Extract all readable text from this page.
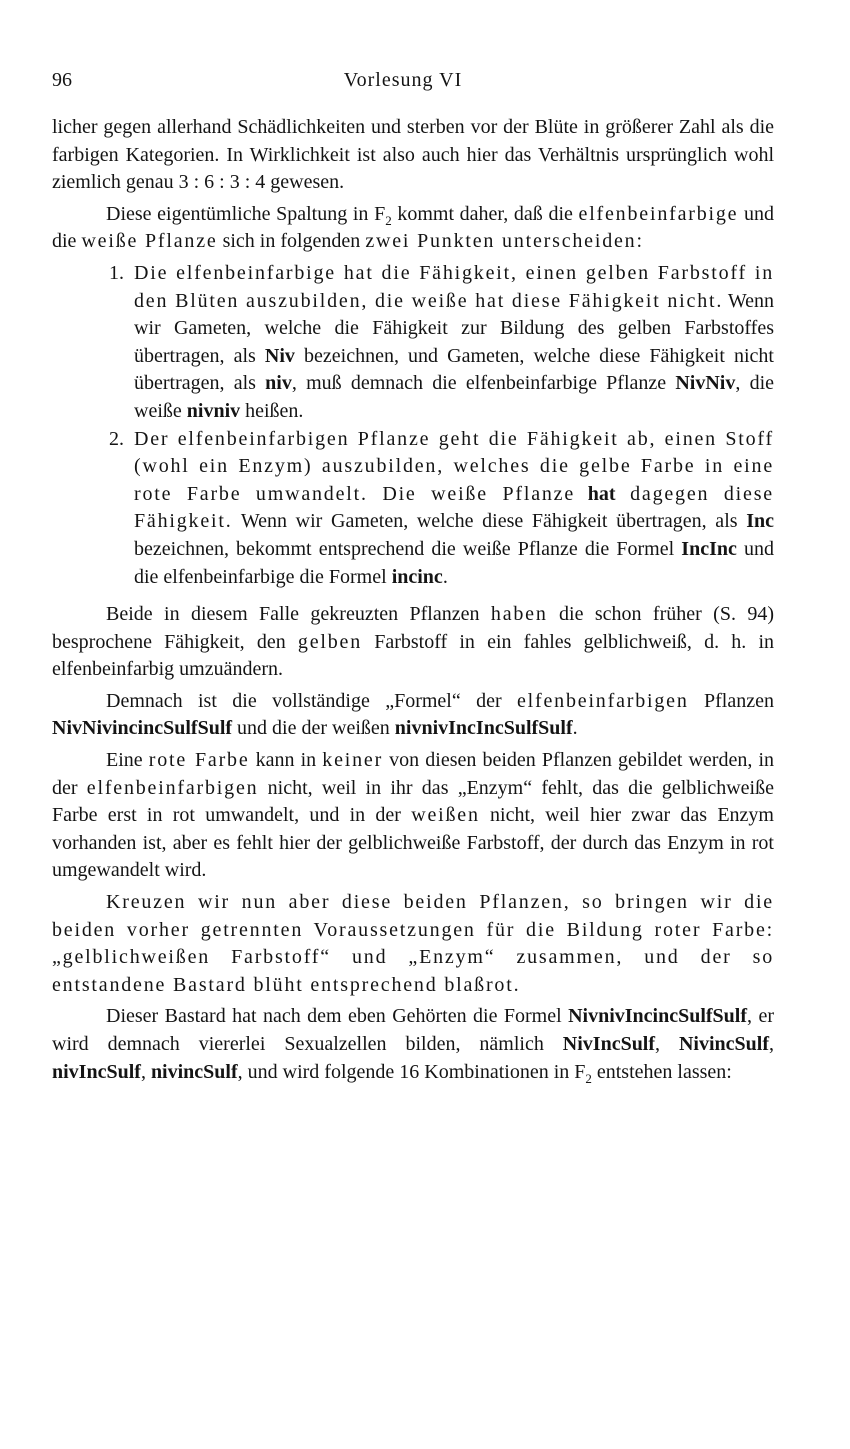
96	Vorlesung VI

licher gegen allerhand Schädlichkeiten und sterben vor der Blüte in größerer Zahl als die farbigen Kategorien. In Wirklichkeit ist also auch hier das Verhältnis ursprünglich wohl ziemlich genau 3 : 6 : 3 : 4 gewesen.

Diese eigentümliche Spaltung in $F_2$ kommt daher, daß die elfenbeinfarbige und die weiße Pflanze sich in folgenden zwei Punkten unterscheiden:

1. Die elfenbeinfarbige hat die Fähigkeit, einen gelben Farbstoff in den Blüten auszubilden, die weiße hat diese Fähigkeit nicht. Wenn wir Gameten, welche die Fähigkeit zur Bildung des gelben Farbstoffes übertragen, als Niv bezeichnen, und Gameten, welche diese Fähigkeit nicht übertragen, als niv, muß demnach die elfenbeinfarbige Pflanze NivNiv, die weiße nivniv heißen.
2. Der elfenbeinfarbigen Pflanze geht die Fähigkeit ab, einen Stoff (wohl ein Enzym) auszubilden, welches die gelbe Farbe in eine rote Farbe umwandelt. Die weiße Pflanze hat dagegen diese Fähigkeit. Wenn wir Gameten, welche diese Fähigkeit übertragen, als Inc bezeichnen, bekommt entsprechend die weiße Pflanze die Formel IncInc und die elfenbeinfarbige die Formel incinc.

Beide in diesem Falle gekreuzten Pflanzen haben die schon früher (S. 94) besprochene Fähigkeit, den gelben Farbstoff in ein fahles gelblichweiß, d. h. in elfenbeinfarbig umzuändern.

Demnach ist die vollständige „Formel“ der elfenbeinfarbigen Pflanzen NivNivincincSulfSulf und die der weißen nivnivIncIncSulfSulf.

Eine rote Farbe kann in keiner von diesen beiden Pflanzen gebildet werden, in der elfenbeinfarbigen nicht, weil in ihr das „Enzym“ fehlt, das die gelblichweiße Farbe erst in rot umwandelt, und in der weißen nicht, weil hier zwar das Enzym vorhanden ist, aber es fehlt hier der gelblichweiße Farbstoff, der durch das Enzym in rot umgewandelt wird.

Kreuzen wir nun aber diese beiden Pflanzen, so bringen wir die beiden vorher getrennten Voraussetzungen für die Bildung roter Farbe: „gelblichweißen Farbstoff“ und „Enzym“ zusammen, und der so entstandene Bastard blüht entsprechend blaßrot.

Dieser Bastard hat nach dem eben Gehörten die Formel NivnivIncincSulfSulf, er wird demnach viererlei Sexualzellen bilden, nämlich NivIncSulf, NivincSulf, nivIncSulf, nivincSulf, und wird folgende 16 Kombinationen in $F_2$ entstehen lassen:
